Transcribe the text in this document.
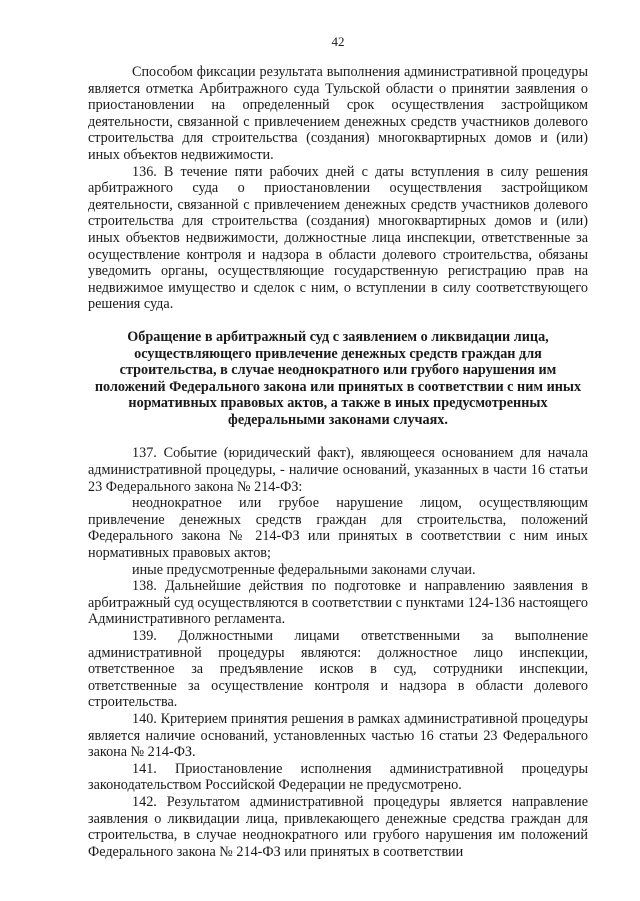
42

Способом фиксации результата выполнения административной процедуры является отметка Арбитражного суда Тульской области о принятии заявления о приостановлении на определенный срок осуществления застройщиком деятельности, связанной с привлечением денежных средств участников долевого строительства для строительства (создания) многоквартирных домов и (или) иных объектов недвижимости.

136. В течение пяти рабочих дней с даты вступления в силу решения арбитражного суда о приостановлении осуществления застройщиком деятельности, связанной с привлечением денежных средств участников долевого строительства для строительства (создания) многоквартирных домов и (или) иных объектов недвижимости, должностные лица инспекции, ответственные за осуществление контроля и надзора в области долевого строительства, обязаны уведомить органы, осуществляющие государственную регистрацию прав на недвижимое имущество и сделок с ним, о вступлении в силу соответствующего решения суда.

Обращение в арбитражный суд с заявлением о ликвидации лица, осуществляющего привлечение денежных средств граждан для строительства, в случае неоднократного или грубого нарушения им положений Федерального закона или принятых в соответствии с ним иных нормативных правовых актов, а также в иных предусмотренных федеральными законами случаях.

137. Событие (юридический факт), являющееся основанием для начала административной процедуры, - наличие оснований, указанных в части 16 статьи 23 Федерального закона № 214-ФЗ:

неоднократное или грубое нарушение лицом, осуществляющим привлечение денежных средств граждан для строительства, положений Федерального закона № 214-ФЗ или принятых в соответствии с ним иных нормативных правовых актов;

иные предусмотренные федеральными законами случаи.

138. Дальнейшие действия по подготовке и направлению заявления в арбитражный суд осуществляются в соответствии с пунктами 124-136 настоящего Административного регламента.

139. Должностными лицами ответственными за выполнение административной процедуры являются: должностное лицо инспекции, ответственное за предъявление исков в суд, сотрудники инспекции, ответственные за осуществление контроля и надзора в области долевого строительства.

140. Критерием принятия решения в рамках административной процедуры является наличие оснований, установленных частью 16 статьи 23 Федерального закона № 214-ФЗ.

141. Приостановление исполнения административной процедуры законодательством Российской Федерации не предусмотрено.

142. Результатом административной процедуры является направление заявления о ликвидации лица, привлекающего денежные средства граждан для строительства, в случае неоднократного или грубого нарушения им положений Федерального закона № 214-ФЗ или принятых в соответствии
